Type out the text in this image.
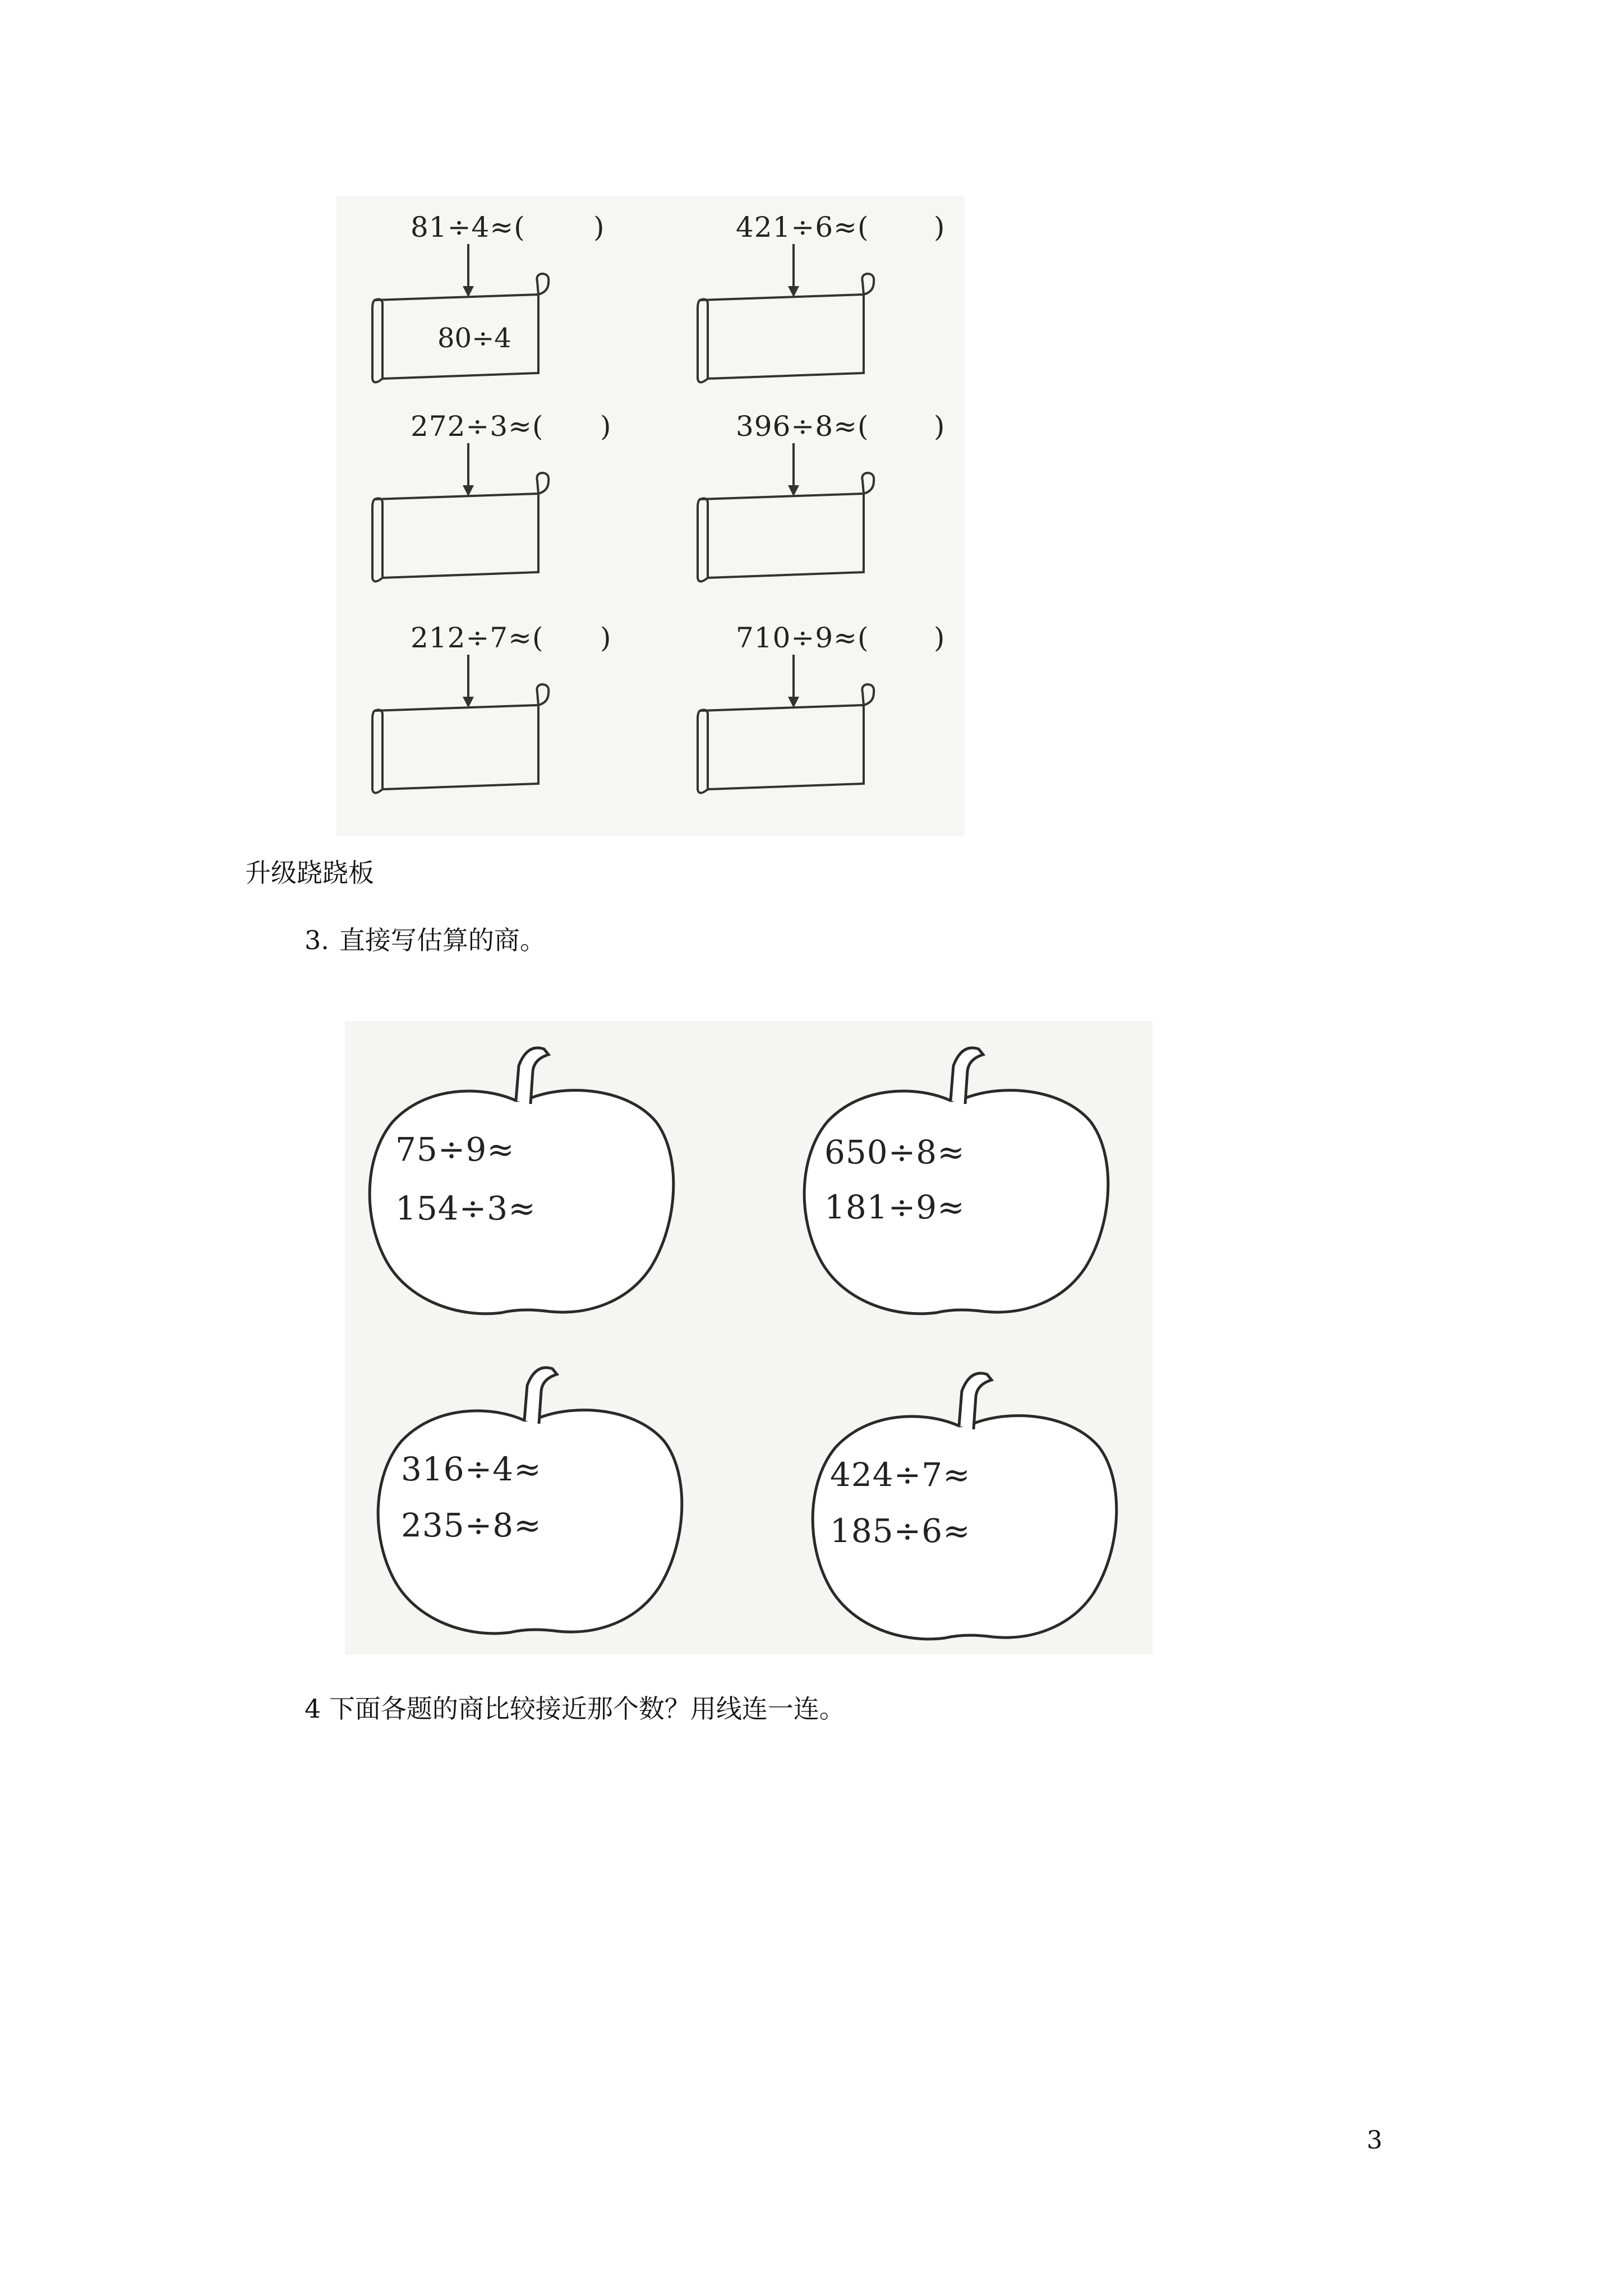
81÷4≈( )
80÷4
421÷6≈( )
272÷3≈( )	396÷8≈( )
212÷7≈( )	710÷9≈( )
升级跷跷板
3. 直接写估算的商。
75÷9≈
154÷3≈
650÷8≈
181÷9≈
316÷4≈
235÷8≈
424÷7≈
185÷6≈
4 下面各题的商比较接近那个数？用线连一连。
3
